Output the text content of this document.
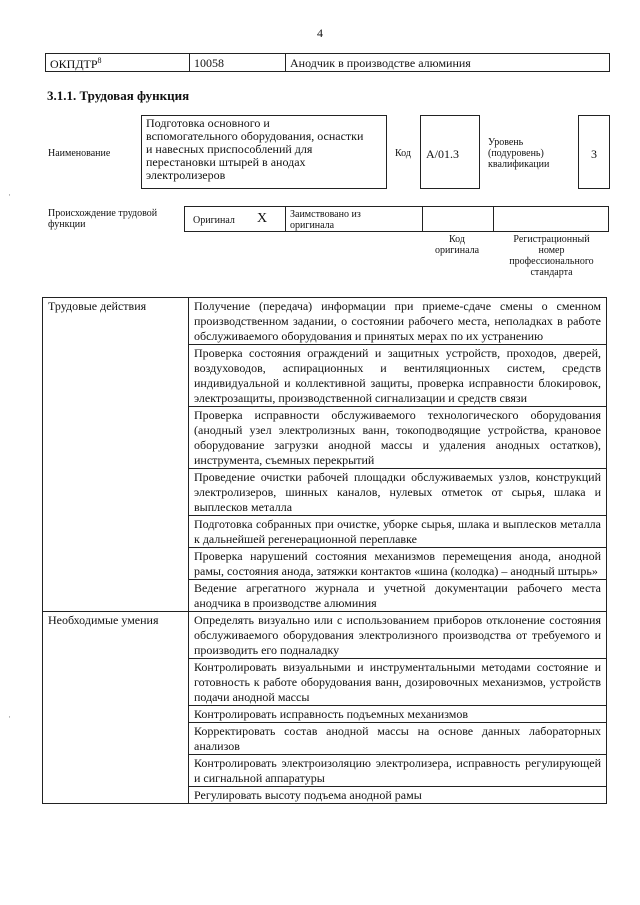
·
·
4
ОКПДТР$^8$	10058	Анодчик в производстве алюминия
3.1.1. Трудовая функция
Наименование
Подготовка основного и
вспомогательного оборудования, оснастки
и навесных приспособлений для
перестановки штырей в анодах
электролизеров
Код	A/01.3
Уровень
(подуровень)
квалификации
3
Происхождение трудовой
функции	Оригинал X Заимствовано из
оригинала
Код
оригинала
Регистрационный
номер
профессионального
стандарта
Трудовые действия	Получение (передача) информации при приеме-сдаче смены о сменном производственном задании, о состоянии рабочего места, неполадках в работе обслуживаемого оборудования и принятых мерах по их устранению
	Проверка состояния ограждений и защитных устройств, проходов, дверей, воздуховодов, аспирационных и вентиляционных систем, средств индивидуальной и коллективной защиты, проверка исправности блокировок, электрозащиты, производственной сигнализации и средств связи
	Проверка исправности обслуживаемого технологического оборудования (анодный узел электролизных ванн, токоподводящие устройства, крановое оборудование загрузки анодной массы и удаления анодных остатков), инструмента, съемных перекрытий
	Проведение очистки рабочей площадки обслуживаемых узлов, конструкций электролизеров, шинных каналов, нулевых отметок от сырья, шлака и выплесков металла
	Подготовка собранных при очистке, уборке сырья, шлака и выплесков металла к дальнейшей регенерационной переплавке
	Проверка нарушений состояния механизмов перемещения анода, анодной рамы, состояния анода, затяжки контактов «шина (колодка) – анодный штырь»
	Ведение агрегатного журнала и учетной документации рабочего места анодчика в производстве алюминия
Необходимые умения	Определять визуально или с использованием приборов отклонение состояния обслуживаемого оборудования электролизного производства от требуемого и производить его подналадку
	Контролировать визуальными и инструментальными методами состояние и готовность к работе оборудования ванн, дозировочных механизмов, устройств подачи анодной массы
	Контролировать исправность подъемных механизмов
	Корректировать состав анодной массы на основе данных лабораторных анализов
	Контролировать электроизоляцию электролизера, исправность регулирующей и сигнальной аппаратуры
	Регулировать высоту подъема анодной рамы
